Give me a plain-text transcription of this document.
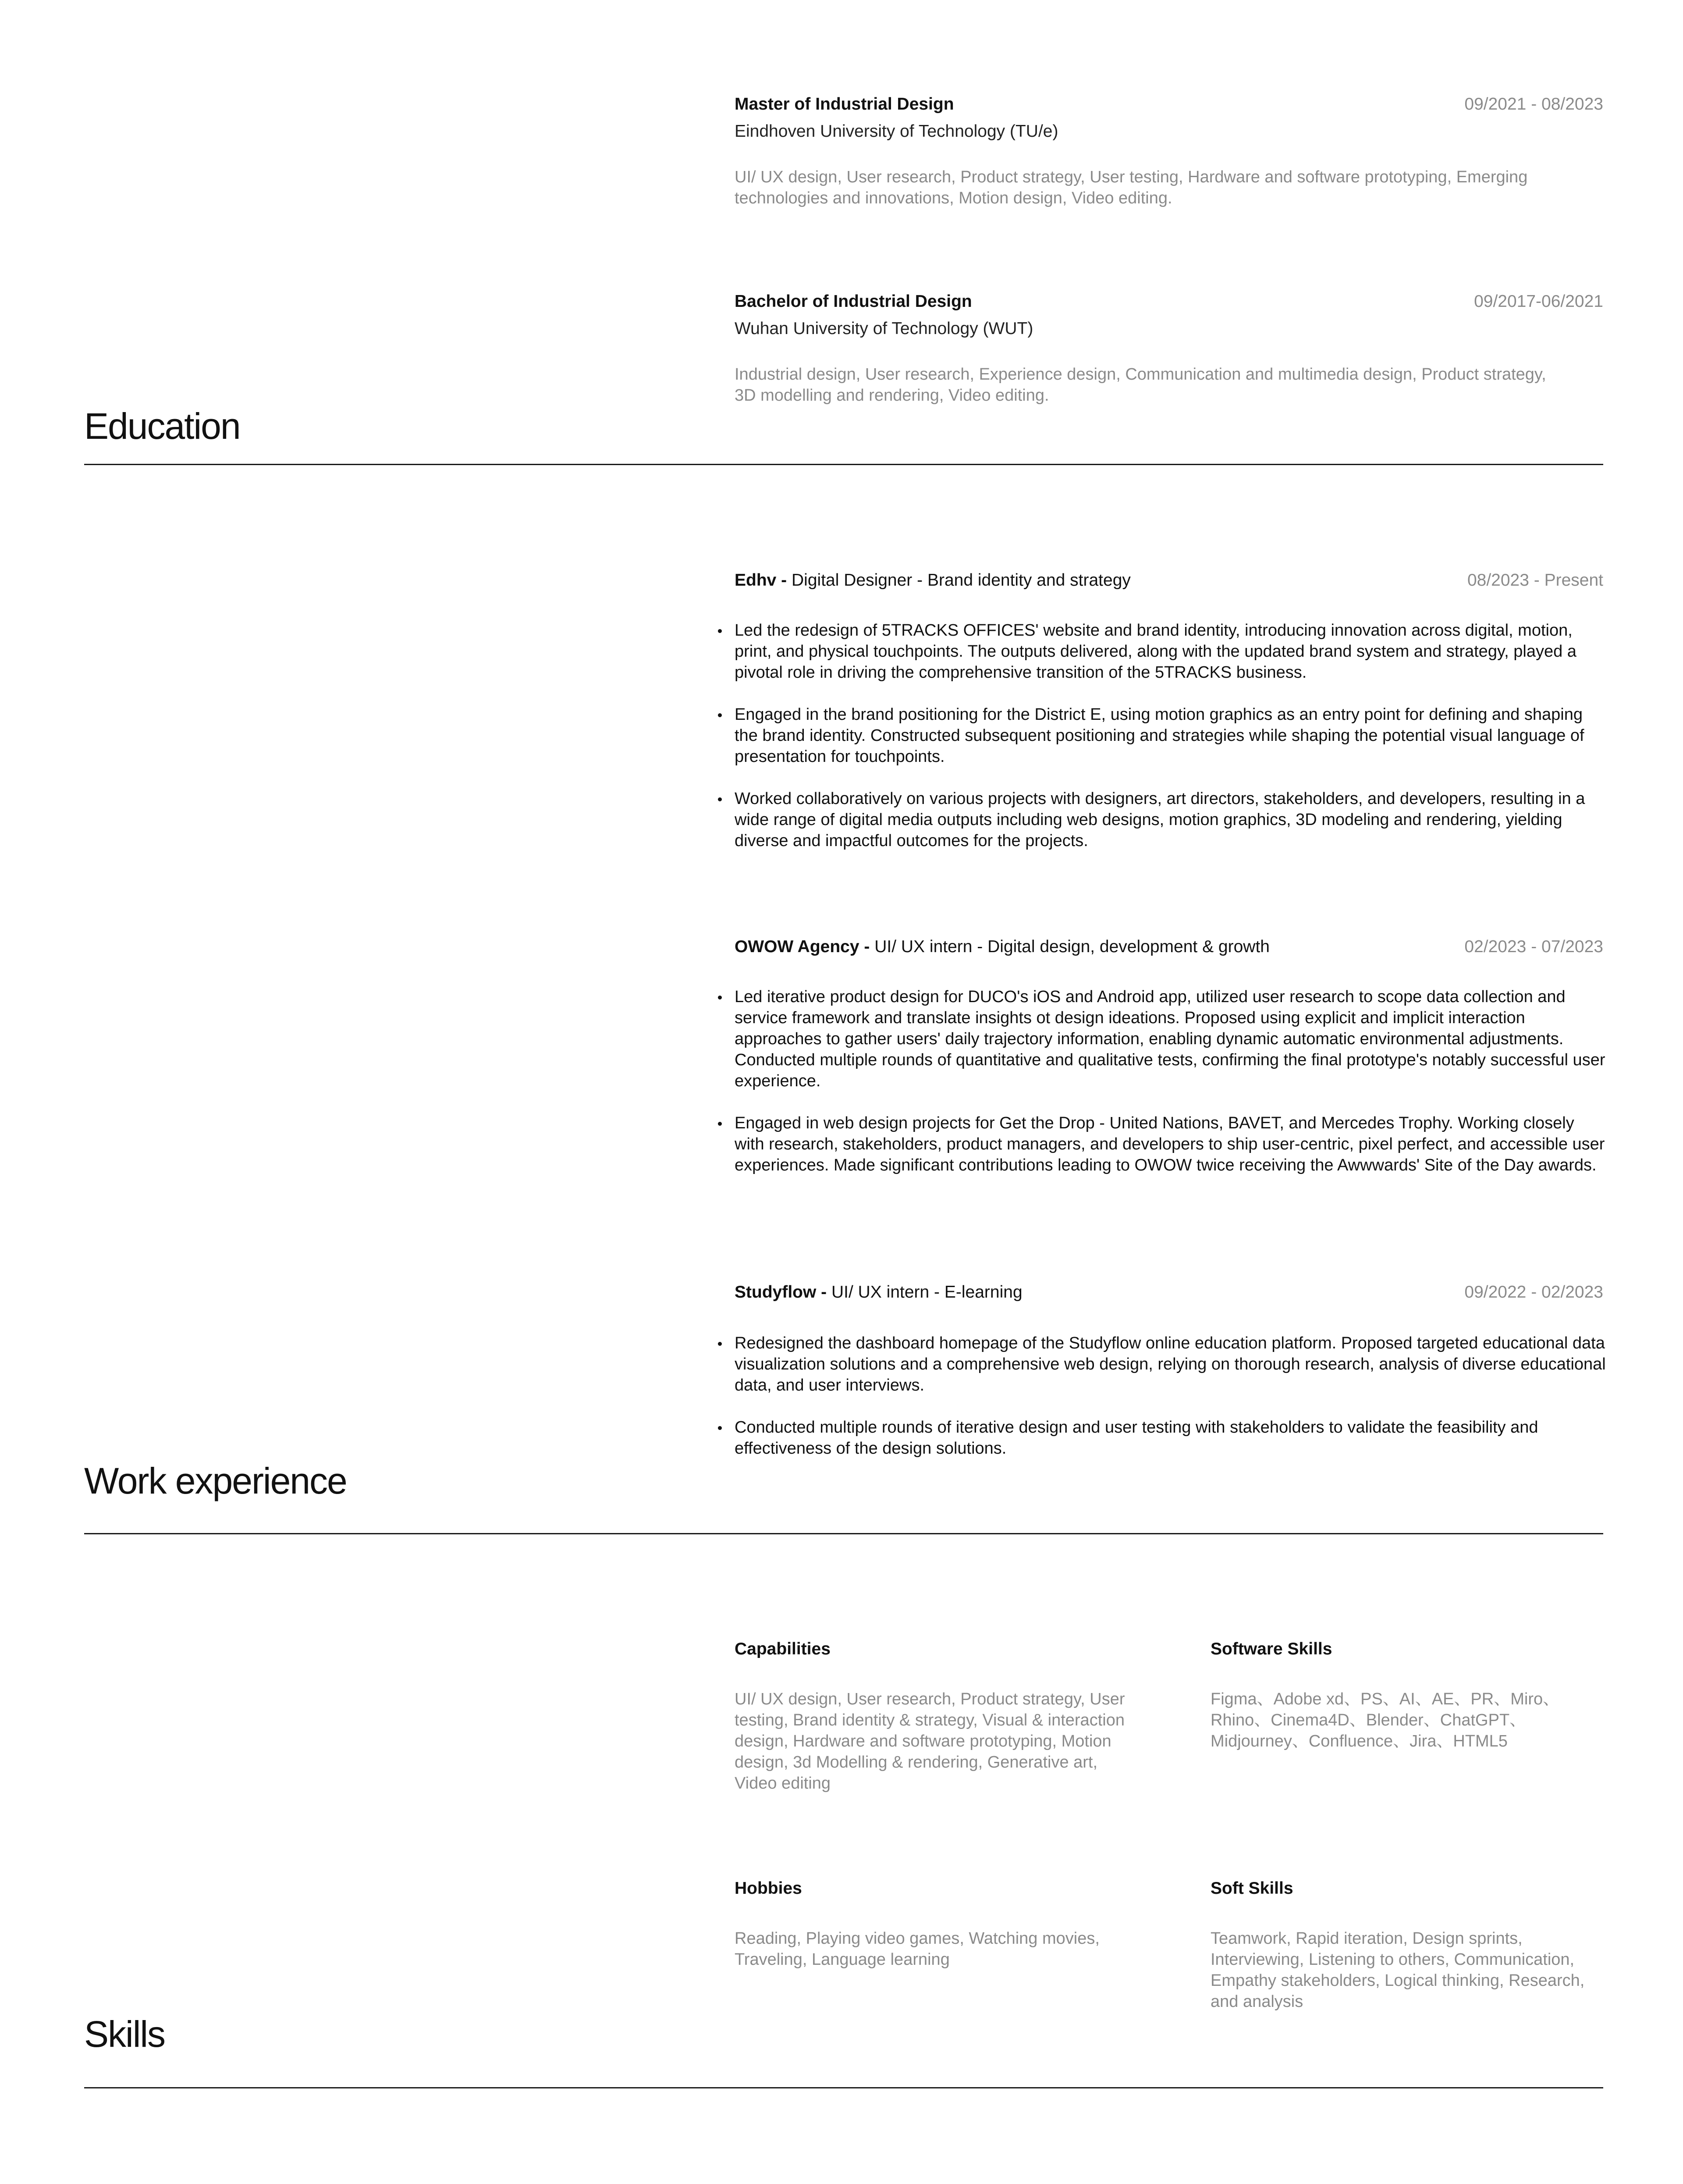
Master of Industrial Design	09/2021 - 08/2023
Eindhoven University of Technology (TU/e)
UI/ UX design, User research, Product strategy, User testing, Hardware and software prototyping, Emerging technologies and innovations, Motion design, Video editing.
Bachelor of Industrial Design	09/2017-06/2021
Wuhan University of Technology (WUT)
Industrial design, User research, Experience design, Communication and multimedia design, Product strategy, 3D modelling and rendering, Video editing.
Education
Edhv - Digital Designer - Brand identity and strategy	08/2023 - Present
Led the redesign of 5TRACKS OFFICES' website and brand identity, introducing innovation across digital, motion, print, and physical touchpoints. The outputs delivered, along with the updated brand system and strategy, played a pivotal role in driving the comprehensive transition of the 5TRACKS business.
Engaged in the brand positioning for the District E, using motion graphics as an entry point for defining and shaping the brand identity. Constructed subsequent positioning and strategies while shaping the potential visual language of presentation for touchpoints.
Worked collaboratively on various projects with designers, art directors, stakeholders, and developers, resulting in a wide range of digital media outputs including web designs, motion graphics, 3D modeling and rendering, yielding diverse and impactful outcomes for the projects.
OWOW Agency - UI/ UX intern - Digital design, development & growth	02/2023 - 07/2023
Led iterative product design for DUCO's iOS and Android app, utilized user research to scope data collection and service framework and translate insights ot design ideations. Proposed using explicit and implicit interaction approaches to gather users' daily trajectory information, enabling dynamic automatic environmental adjustments. Conducted multiple rounds of quantitative and qualitative tests, confirming the final prototype's notably successful user experience.
Engaged in web design projects for Get the Drop - United Nations, BAVET, and Mercedes Trophy. Working closely with research, stakeholders, product managers, and developers to ship user-centric, pixel perfect, and accessible user experiences. Made significant contributions leading to OWOW twice receiving the Awwwards' Site of the Day awards.
Studyflow - UI/ UX intern - E-learning	09/2022 - 02/2023
Redesigned the dashboard homepage of the Studyflow online education platform. Proposed targeted educational data visualization solutions and a comprehensive web design, relying on thorough research, analysis of diverse educational data, and user interviews.
Conducted multiple rounds of iterative design and user testing with stakeholders to validate the feasibility and effectiveness of the design solutions.
Work experience
Capabilities
UI/ UX design, User research, Product strategy, User testing, Brand identity & strategy, Visual & interaction design, Hardware and software prototyping, Motion design, 3d Modelling & rendering, Generative art, Video editing
Software Skills
Figma、Adobe xd、PS、AI、AE、PR、Miro、Rhino、Cinema4D、Blender、ChatGPT、Midjourney、Confluence、Jira、HTML5
Hobbies
Reading, Playing video games, Watching movies, Traveling, Language learning
Soft Skills
Teamwork, Rapid iteration, Design sprints, Interviewing, Listening to others, Communication, Empathy stakeholders, Logical thinking, Research, and analysis
Skills
